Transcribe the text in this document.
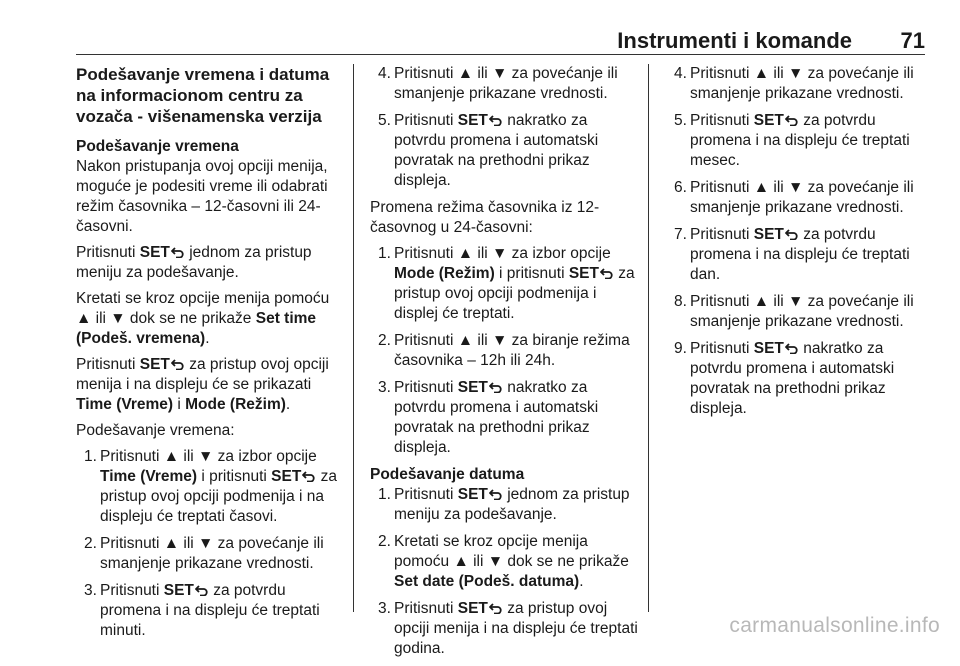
Instrumenti i komande 71
Podešavanje vremena i datuma na informacionom centru za vozača - višenamenska verzija
Podešavanje vremena

Nakon pristupanja ovoj opciji menija, moguće je podesiti vreme ili odabrati režim časovnika – 12-časovni ili 24-časovni.

Pritisnuti SET jednom za pristup meniju za podešavanje.

Kretati se kroz opcije menija pomoću ▲ ili ▼ dok se ne prikaže Set time (Podeš. vremena).

Pritisnuti SET za pristup ovoj opciji menija i na displeju će se prikazati Time (Vreme) i Mode (Režim).

Podešavanje vremena:

1. Pritisnuti ▲ ili ▼ za izbor opcije Time (Vreme) i pritisnuti SET za pristup ovoj opciji podmenija i na displeju će treptati časovi.
2. Pritisnuti ▲ ili ▼ za povećanje ili smanjenje prikazane vrednosti.
3. Pritisnuti SET za potvrdu promena i na displeju će treptati minuti.
4. Pritisnuti ▲ ili ▼ za povećanje ili smanjenje prikazane vrednosti.
5. Pritisnuti SET nakratko za potvrdu promena i automatski povratak na prethodni prikaz displeja.

Promena režima časovnika iz 12-časovnog u 24-časovni:

1. Pritisnuti ▲ ili ▼ za izbor opcije Mode (Režim) i pritisnuti SET za pristup ovoj opciji podmenija i displej će treptati.
2. Pritisnuti ▲ ili ▼ za biranje režima časovnika – 12h ili 24h.
3. Pritisnuti SET nakratko za potvrdu promena i automatski povratak na prethodni prikaz displeja.
Podešavanje datuma
1. Pritisnuti SET jednom za pristup meniju za podešavanje.
2. Kretati se kroz opcije menija pomoću ▲ ili ▼ dok se ne prikaže Set date (Podeš. datuma).
3. Pritisnuti SET za pristup ovoj opciji menija i na displeju će treptati godina.
4. Pritisnuti ▲ ili ▼ za povećanje ili smanjenje prikazane vrednosti.
5. Pritisnuti SET za potvrdu promena i na displeju će treptati mesec.
6. Pritisnuti ▲ ili ▼ za povećanje ili smanjenje prikazane vrednosti.
7. Pritisnuti SET za potvrdu promena i na displeju će treptati dan.
8. Pritisnuti ▲ ili ▼ za povećanje ili smanjenje prikazane vrednosti.
9. Pritisnuti SET nakratko za potvrdu promena i automatski povratak na prethodni prikaz displeja.
carmanualsonline.info
